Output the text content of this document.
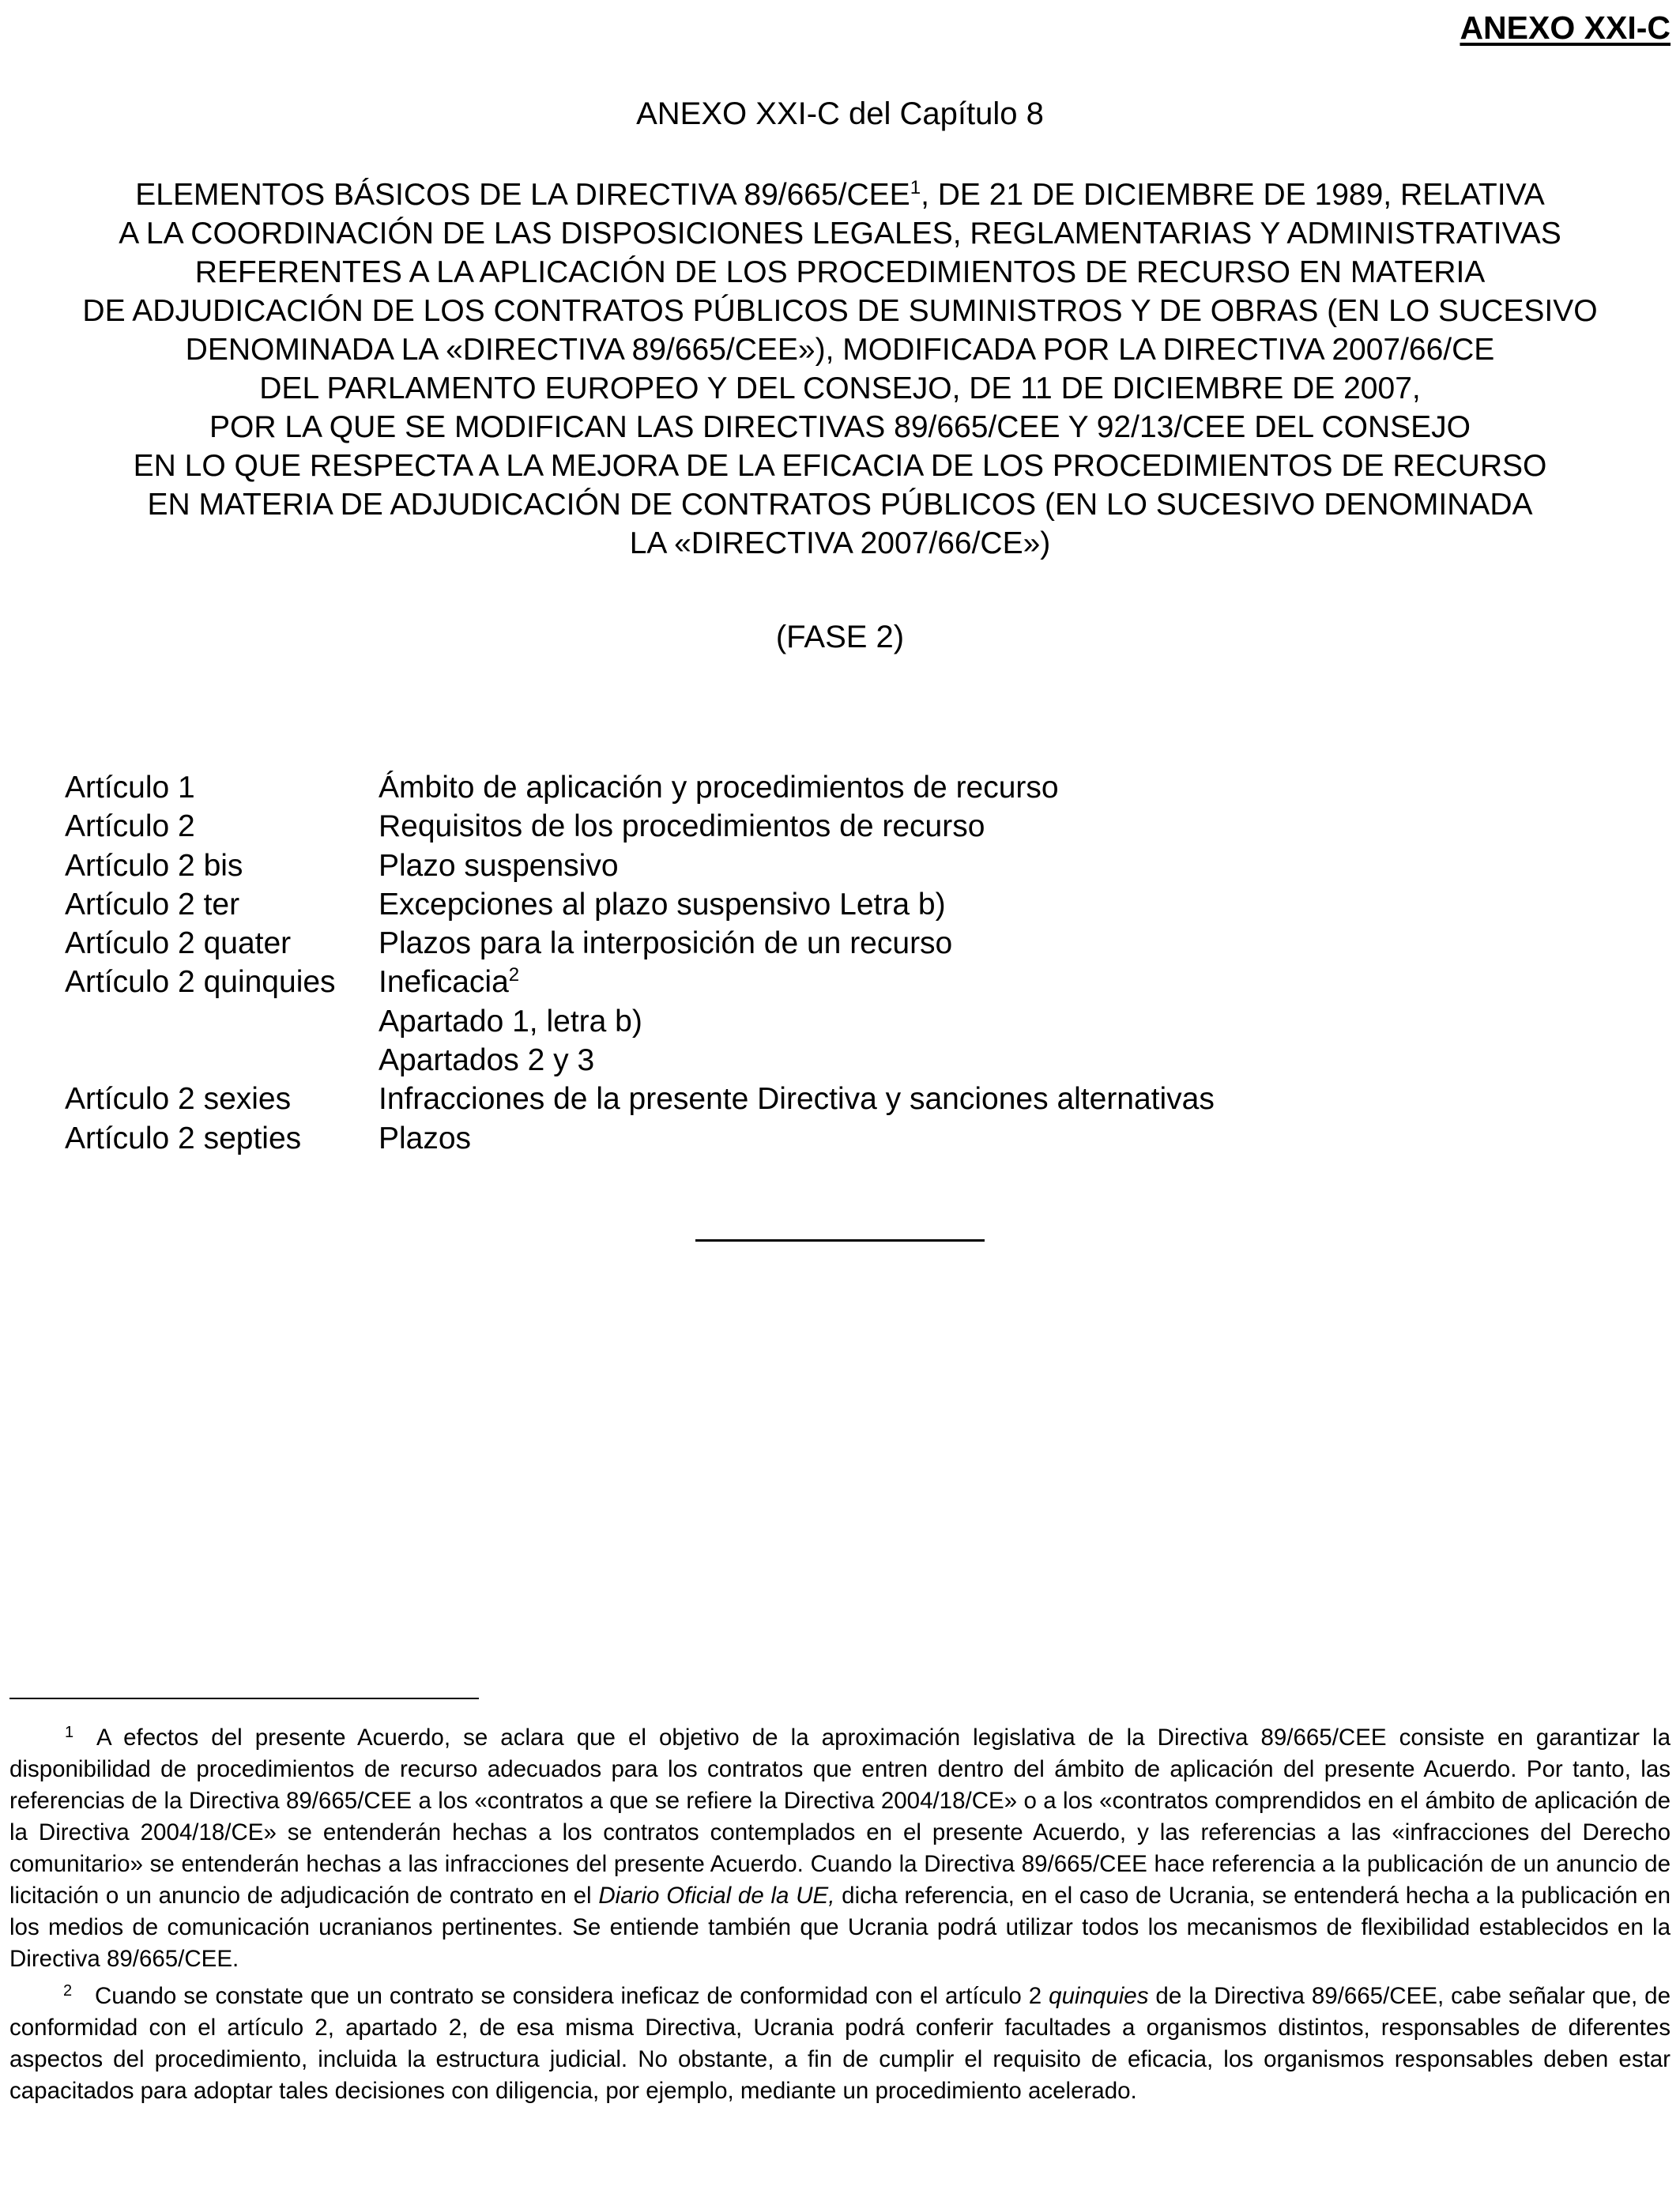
ANEXO XXI-C
ANEXO XXI-C del Capítulo 8
ELEMENTOS BÁSICOS DE LA DIRECTIVA 89/665/CEE$^1$, DE 21 DE DICIEMBRE DE 1989, RELATIVA
A LA COORDINACIÓN DE LAS DISPOSICIONES LEGALES, REGLAMENTARIAS Y ADMINISTRATIVAS
REFERENTES A LA APLICACIÓN DE LOS PROCEDIMIENTOS DE RECURSO EN MATERIA
DE ADJUDICACIÓN DE LOS CONTRATOS PÚBLICOS DE SUMINISTROS Y DE OBRAS (EN LO SUCESIVO
DENOMINADA LA «DIRECTIVA 89/665/CEE»), MODIFICADA POR LA DIRECTIVA 2007/66/CE
DEL PARLAMENTO EUROPEO Y DEL CONSEJO, DE 11 DE DICIEMBRE DE 2007,
POR LA QUE SE MODIFICAN LAS DIRECTIVAS 89/665/CEE Y 92/13/CEE DEL CONSEJO
EN LO QUE RESPECTA A LA MEJORA DE LA EFICACIA DE LOS PROCEDIMIENTOS DE RECURSO
EN MATERIA DE ADJUDICACIÓN DE CONTRATOS PÚBLICOS (EN LO SUCESIVO DENOMINADA
LA «DIRECTIVA 2007/66/CE»)
(FASE 2)
Artículo 1	Ámbito de aplicación y procedimientos de recurso
Artículo 2	Requisitos de los procedimientos de recurso
Artículo 2 bis	Plazo suspensivo
Artículo 2 ter	Excepciones al plazo suspensivo Letra b)
Artículo 2 quater	Plazos para la interposición de un recurso
Artículo 2 quinquies	Ineficacia$^2$
Apartado 1, letra b)
Apartados 2 y 3
Artículo 2 sexies	Infracciones de la presente Directiva y sanciones alternativas
Artículo 2 septies	Plazos

1 A efectos del presente Acuerdo, se aclara que el objetivo de la aproximación legislativa de la Directiva 89/665/CEE consiste en garantizar la disponibilidad de procedimientos de recurso adecuados para los contratos que entren dentro del ámbito de aplicación del presente Acuerdo. Por tanto, las referencias de la Directiva 89/665/CEE a los «contratos a que se refiere la Directiva 2004/18/CE» o a los «contratos comprendidos en el ámbito de aplicación de la Directiva 2004/18/CE» se entenderán hechas a los contratos contemplados en el presente Acuerdo, y las referencias a las «infracciones del Derecho comunitario» se entenderán hechas a las infracciones del presente Acuerdo. Cuando la Directiva 89/665/CEE hace referencia a la publicación de un anuncio de licitación o un anuncio de adjudicación de contrato en el Diario Oficial de la UE, dicha referencia, en el caso de Ucrania, se entenderá hecha a la publicación en los medios de comunicación ucranianos pertinentes. Se entiende también que Ucrania podrá utilizar todos los mecanismos de flexibilidad establecidos en la Directiva 89/665/CEE.

2 Cuando se constate que un contrato se considera ineficaz de conformidad con el artículo 2 quinquies de la Directiva 89/665/CEE, cabe señalar que, de conformidad con el artículo 2, apartado 2, de esa misma Directiva, Ucrania podrá conferir facultades a organismos distintos, responsables de diferentes aspectos del procedimiento, incluida la estructura judicial. No obstante, a fin de cumplir el requisito de eficacia, los organismos responsables deben estar capacitados para adoptar tales decisiones con diligencia, por ejemplo, mediante un procedimiento acelerado.
